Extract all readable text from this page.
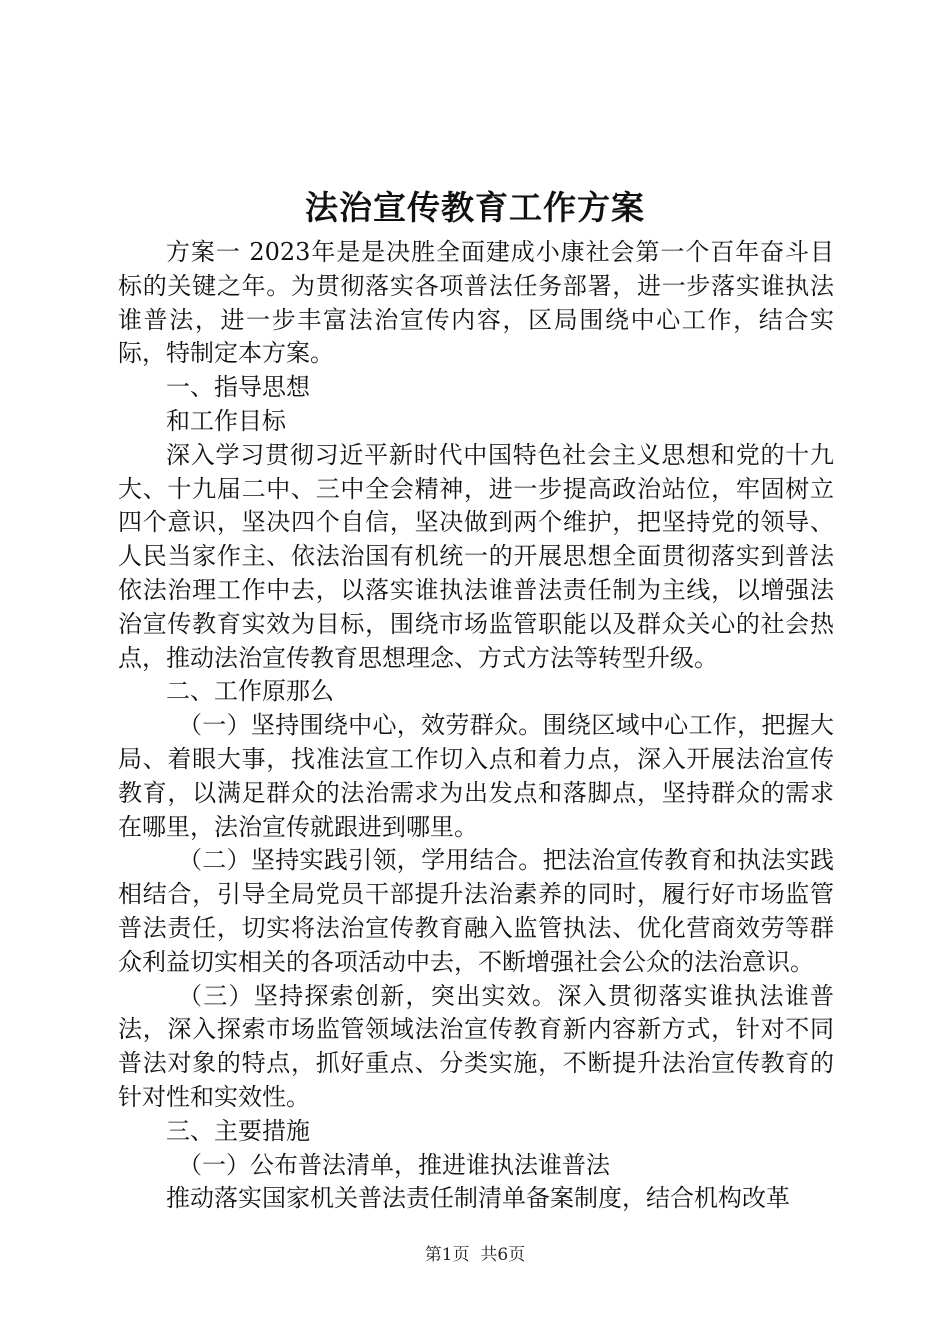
法治宣传教育工作方案

方案一 2023年是是决胜全面建成小康社会第一个百年奋斗目标的关键之年。为贯彻落实各项普法任务部署，进一步落实谁执法谁普法，进一步丰富法治宣传内容，区局围绕中心工作，结合实际，特制定本方案。

一、指导思想

和工作目标

深入学习贯彻习近平新时代中国特色社会主义思想和党的十九大、十九届二中、三中全会精神，进一步提高政治站位，牢固树立四个意识，坚决四个自信，坚决做到两个维护，把坚持党的领导、人民当家作主、依法治国有机统一的开展思想全面贯彻落实到普法依法治理工作中去，以落实谁执法谁普法责任制为主线，以增强法治宣传教育实效为目标，围绕市场监管职能以及群众关心的社会热点，推动法治宣传教育思想理念、方式方法等转型升级。

二、工作原那么

（一）坚持围绕中心，效劳群众。围绕区域中心工作，把握大局、着眼大事，找准法宣工作切入点和着力点，深入开展法治宣传教育，以满足群众的法治需求为出发点和落脚点，坚持群众的需求在哪里，法治宣传就跟进到哪里。

（二）坚持实践引领，学用结合。把法治宣传教育和执法实践相结合，引导全局党员干部提升法治素养的同时，履行好市场监管普法责任，切实将法治宣传教育融入监管执法、优化营商效劳等群众利益切实相关的各项活动中去，不断增强社会公众的法治意识。

（三）坚持探索创新，突出实效。深入贯彻落实谁执法谁普法，深入探索市场监管领域法治宣传教育新内容新方式，针对不同普法对象的特点，抓好重点、分类实施，不断提升法治宣传教育的针对性和实效性。

三、主要措施

（一）公布普法清单，推进谁执法谁普法

推动落实国家机关普法责任制清单备案制度，结合机构改革

第1页 共6页
